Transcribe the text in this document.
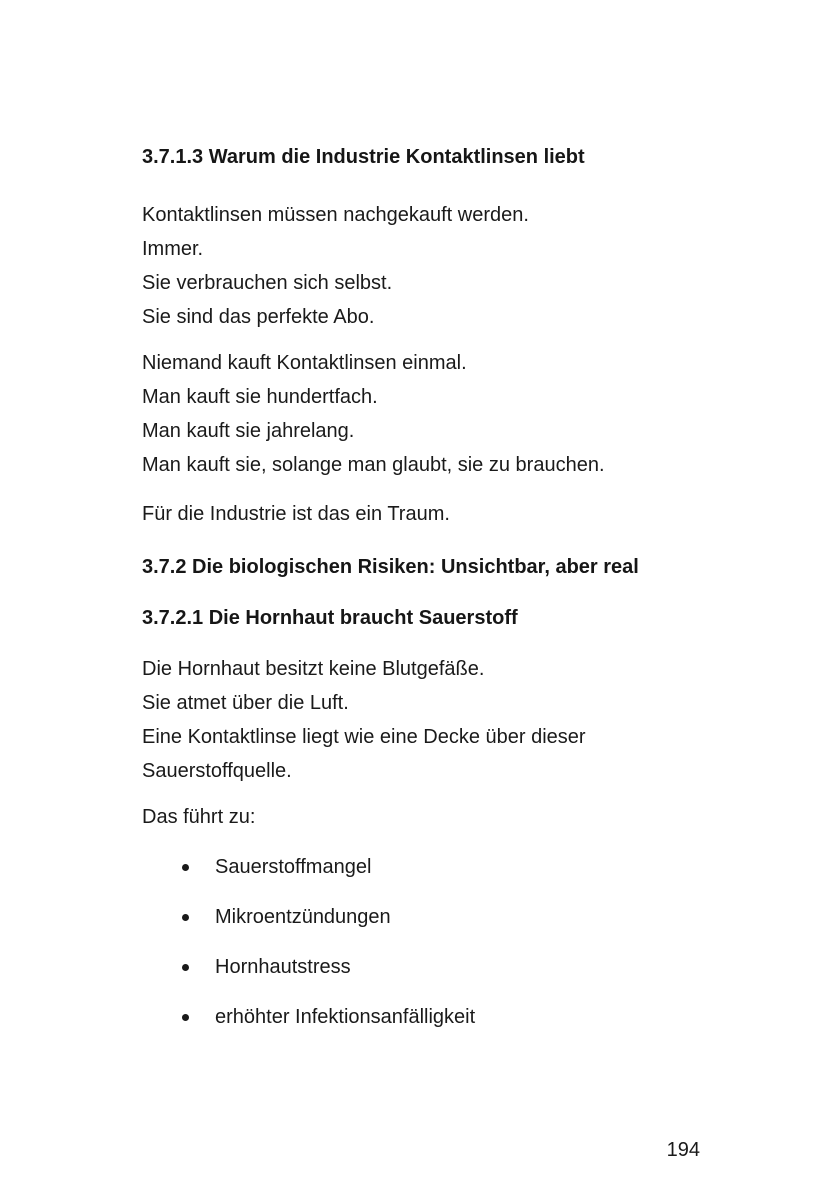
3.7.1.3 Warum die Industrie Kontaktlinsen liebt
Kontaktlinsen müssen nachgekauft werden.
Immer.
Sie verbrauchen sich selbst.
Sie sind das perfekte Abo.
Niemand kauft Kontaktlinsen einmal.
Man kauft sie hundertfach.
Man kauft sie jahrelang.
Man kauft sie, solange man glaubt, sie zu brauchen.
Für die Industrie ist das ein Traum.
3.7.2 Die biologischen Risiken: Unsichtbar, aber real
3.7.2.1 Die Hornhaut braucht Sauerstoff
Die Hornhaut besitzt keine Blutgefäße.
Sie atmet über die Luft.
Eine Kontaktlinse liegt wie eine Decke über dieser Sauerstoffquelle.
Das führt zu:
Sauerstoffmangel
Mikroentzündungen
Hornhautstress
erhöhter Infektionsanfälligkeit
194
